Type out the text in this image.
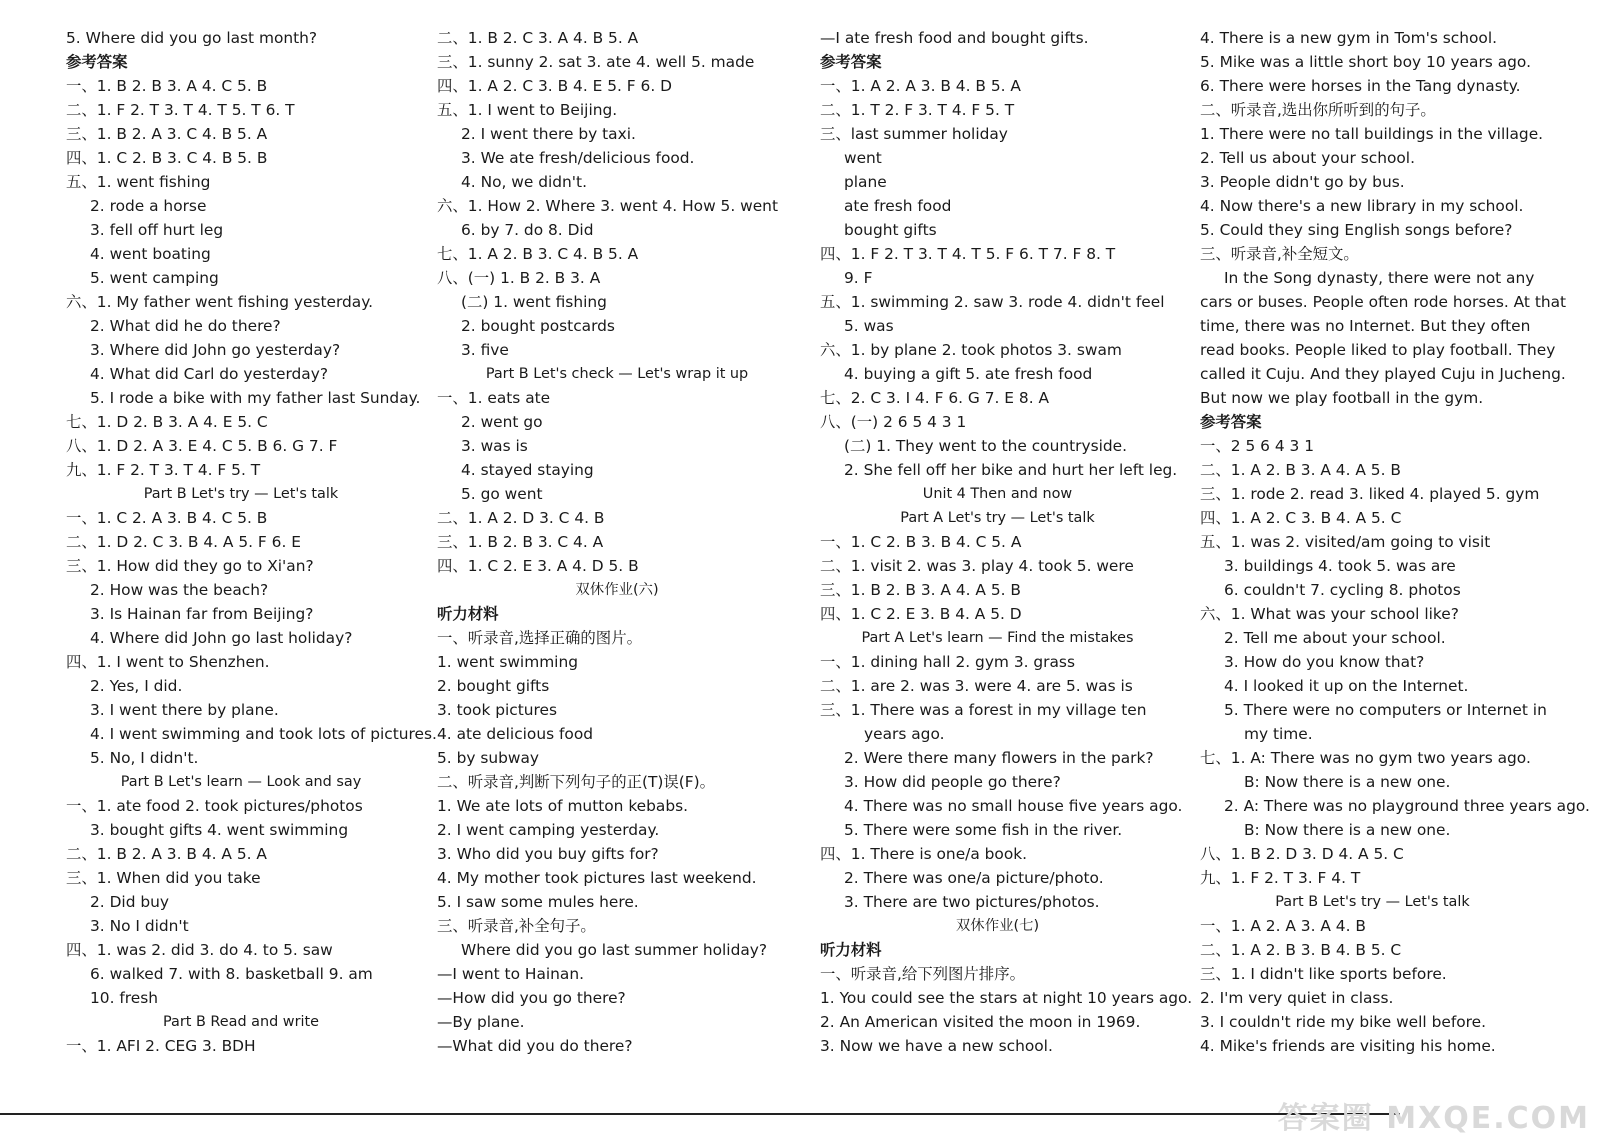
5. Where did you go last month?
参考答案
一、1. B 2. B 3. A 4. C 5. B
二、1. F 2. T 3. T 4. T 5. T 6. T
三、1. B 2. A 3. C 4. B 5. A
四、1. C 2. B 3. C 4. B 5. B
五、1. went fishing
2. rode a horse
3. fell off hurt leg
4. went boating
5. went camping
六、1. My father went fishing yesterday.
2. What did he do there?
3. Where did John go yesterday?
4. What did Carl do yesterday?
5. I rode a bike with my father last Sunday.
七、1. D 2. B 3. A 4. E 5. C
八、1. D 2. A 3. E 4. C 5. B 6. G 7. F
九、1. F 2. T 3. T 4. F 5. T
Part B Let's try — Let's talk
一、1. C 2. A 3. B 4. C 5. B
二、1. D 2. C 3. B 4. A 5. F 6. E
三、1. How did they go to Xi'an?
2. How was the beach?
3. Is Hainan far from Beijing?
4. Where did John go last holiday?
四、1. I went to Shenzhen.
2. Yes, I did.
3. I went there by plane.
4. I went swimming and took lots of pictures.
5. No, I didn't.
Part B Let's learn — Look and say
一、1. ate food 2. took pictures/photos
3. bought gifts 4. went swimming
二、1. B 2. A 3. B 4. A 5. A
三、1. When did you take
2. Did buy
3. No I didn't
四、1. was 2. did 3. do 4. to 5. saw
6. walked 7. with 8. basketball 9. am
10. fresh
Part B Read and write
一、1. AFI 2. CEG 3. BDH
二、1. B 2. C 3. A 4. B 5. A
三、1. sunny 2. sat 3. ate 4. well 5. made
四、1. A 2. C 3. B 4. E 5. F 6. D
五、1. I went to Beijing.
2. I went there by taxi.
3. We ate fresh/delicious food.
4. No, we didn't.
六、1. How 2. Where 3. went 4. How 5. went
6. by 7. do 8. Did
七、1. A 2. B 3. C 4. B 5. A
八、(一) 1. B 2. B 3. A
(二) 1. went fishing
2. bought postcards
3. five
Part B Let's check — Let's wrap it up
一、1. eats ate
2. went go
3. was is
4. stayed staying
5. go went
二、1. A 2. D 3. C 4. B
三、1. B 2. B 3. C 4. A
四、1. C 2. E 3. A 4. D 5. B
双休作业(六)
听力材料
一、听录音,选择正确的图片。
1. went swimming
2. bought gifts
3. took pictures
4. ate delicious food
5. by subway
二、听录音,判断下列句子的正(T)误(F)。
1. We ate lots of mutton kebabs.
2. I went camping yesterday.
3. Who did you buy gifts for?
4. My mother took pictures last weekend.
5. I saw some mules here.
三、听录音,补全句子。
Where did you go last summer holiday?
—I went to Hainan.
—How did you go there?
—By plane.
—What did you do there?
—I ate fresh food and bought gifts.
参考答案
一、1. A 2. A 3. B 4. B 5. A
二、1. T 2. F 3. T 4. F 5. T
三、last summer holiday
went
plane
ate fresh food
bought gifts
四、1. F 2. T 3. T 4. T 5. F 6. T 7. F 8. T
9. F
五、1. swimming 2. saw 3. rode 4. didn't feel
5. was
六、1. by plane 2. took photos 3. swam
4. buying a gift 5. ate fresh food
七、2. C 3. I 4. F 6. G 7. E 8. A
八、(一) 2 6 5 4 3 1
(二) 1. They went to the countryside.
2. She fell off her bike and hurt her left leg.
Unit 4 Then and now
Part A Let's try — Let's talk
一、1. C 2. B 3. B 4. C 5. A
二、1. visit 2. was 3. play 4. took 5. were
三、1. B 2. B 3. A 4. A 5. B
四、1. C 2. E 3. B 4. A 5. D
Part A Let's learn — Find the mistakes
一、1. dining hall 2. gym 3. grass
二、1. are 2. was 3. were 4. are 5. was is
三、1. There was a forest in my village ten
years ago.
2. Were there many flowers in the park?
3. How did people go there?
4. There was no small house five years ago.
5. There were some fish in the river.
四、1. There is one/a book.
2. There was one/a picture/photo.
3. There are two pictures/photos.
双休作业(七)
听力材料
一、听录音,给下列图片排序。
1. You could see the stars at night 10 years ago.
2. An American visited the moon in 1969.
3. Now we have a new school.
4. There is a new gym in Tom's school.
5. Mike was a little short boy 10 years ago.
6. There were horses in the Tang dynasty.
二、听录音,选出你所听到的句子。
1. There were no tall buildings in the village.
2. Tell us about your school.
3. People didn't go by bus.
4. Now there's a new library in my school.
5. Could they sing English songs before?
三、听录音,补全短文。
In the Song dynasty, there were not any
cars or buses. People often rode horses. At that
time, there was no Internet. But they often
read books. People liked to play football. They
called it Cuju. And they played Cuju in Jucheng.
But now we play football in the gym.
参考答案
一、2 5 6 4 3 1
二、1. A 2. B 3. A 4. A 5. B
三、1. rode 2. read 3. liked 4. played 5. gym
四、1. A 2. C 3. B 4. A 5. C
五、1. was 2. visited/am going to visit
3. buildings 4. took 5. was are
6. couldn't 7. cycling 8. photos
六、1. What was your school like?
2. Tell me about your school.
3. How do you know that?
4. I looked it up on the Internet.
5. There were no computers or Internet in
my time.
七、1. A: There was no gym two years ago.
B: Now there is a new one.
2. A: There was no playground three years ago.
B: Now there is a new one.
八、1. B 2. D 3. D 4. A 5. C
九、1. F 2. T 3. F 4. T
Part B Let's try — Let's talk
一、1. A 2. A 3. A 4. B
二、1. A 2. B 3. B 4. B 5. C
三、1. I didn't like sports before.
2. I'm very quiet in class.
3. I couldn't ride my bike well before.
4. Mike's friends are visiting his home.
答案圈 MXQE.COM
